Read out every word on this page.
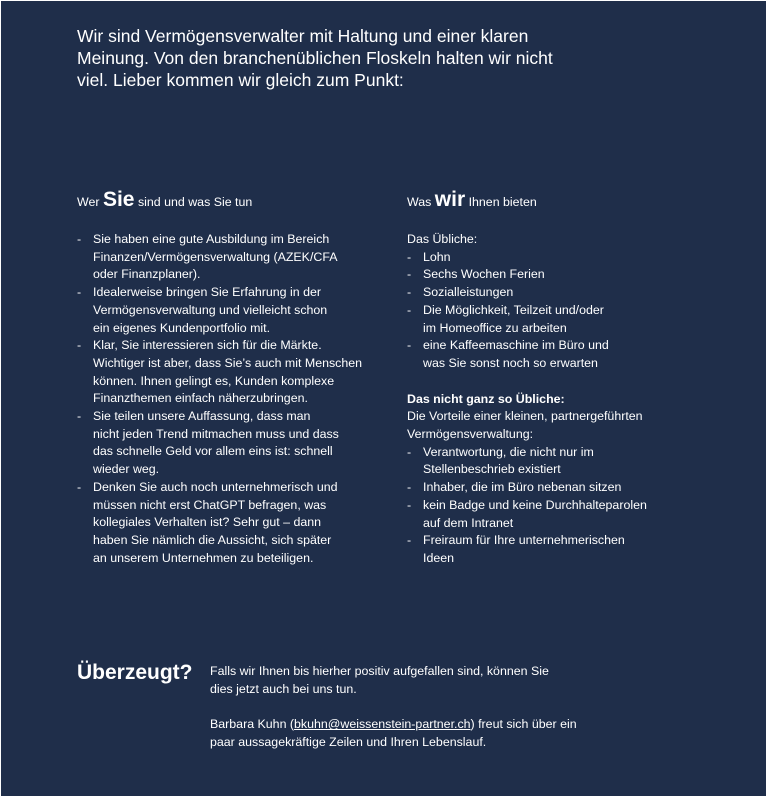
Wir sind Vermögensverwalter mit Haltung und einer klaren
Meinung. Von den branchenüblichen Floskeln halten wir nicht
viel. Lieber kommen wir gleich zum Punkt:
Wer Sie sind und was Sie tun
- Sie haben eine gute Ausbildung im Bereich
Finanzen/Vermögensverwaltung (AZEK/CFA
oder Finanzplaner).
- Idealerweise bringen Sie Erfahrung in der
Vermögensverwaltung und vielleicht schon
ein eigenes Kundenportfolio mit.
- Klar, Sie interessieren sich für die Märkte.
Wichtiger ist aber, dass Sie’s auch mit Menschen
können. Ihnen gelingt es, Kunden komplexe
Finanzthemen einfach näherzubringen.
- Sie teilen unsere Auffassung, dass man
nicht jeden Trend mitmachen muss und dass
das schnelle Geld vor allem eins ist: schnell
wieder weg.
- Denken Sie auch noch unternehmerisch und
müssen nicht erst ChatGPT befragen, was
kollegiales Verhalten ist? Sehr gut – dann
haben Sie nämlich die Aussicht, sich später
an unserem Unternehmen zu beteiligen.
Was wir Ihnen bieten

Das Übliche:

- Lohn
- Sechs Wochen Ferien
- Sozialleistungen
- Die Möglichkeit, Teilzeit und/oder
im Homeoffice zu arbeiten
- eine Kaffeemaschine im Büro und
was Sie sonst noch so erwarten

Das nicht ganz so Übliche:

Die Vorteile einer kleinen, partnergeführten
Vermögensverwaltung:

- Verantwortung, die nicht nur im
Stellenbeschrieb existiert
- Inhaber, die im Büro nebenan sitzen
- kein Badge und keine Durchhalteparolen
auf dem Intranet
- Freiraum für Ihre unternehmerischen
Ideen
Überzeugt? Falls wir Ihnen bis hierher positiv aufgefallen sind, können Sie
dies jetzt auch bei uns tun.

Barbara Kuhn (bkuhn@weissenstein-partner.ch) freut sich über ein
paar aussagekräftige Zeilen und Ihren Lebenslauf.
